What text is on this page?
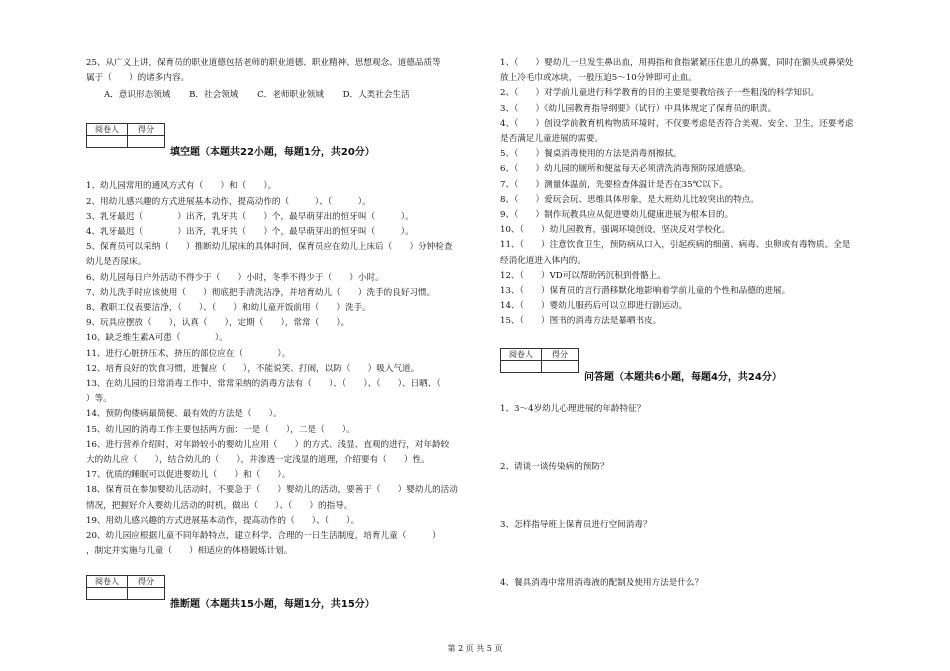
25、从广义上讲，保育员的职业道德包括老师的职业道德、职业精神、思想观念、道德品质等
属于（　　）的诸多内容。
A．意识形态领域 B．社会领域 C．老师职业领域 D．人类社会生活
阅卷人	得分

填空题（本题共22小题，每题1分，共20分）
1、幼儿园常用的通风方式有（　　）和（　　）。
2、用幼儿感兴趣的方式进展基本动作，提高动作的（　　　）、（　　　）。
3、乳牙最迟（　　　　）出齐，乳牙共（　　）个，最早萌芽出的恒牙叫（　　　）。
4、乳牙最迟（　　　　）出齐，乳牙共（　　）个，最早萌芽出的恒牙叫（　　　）。
5、保育员可以采纳（　　）推断幼儿尿床的具体时间，保育员应在幼儿上床后（　　）分钟检查
幼儿是否尿床。
6、幼儿园每日户外活动不得少于（　　）小时，冬季不得少于（　　）小时。
7、幼儿洗手时应该使用（　　）彻底把手清洗洁净，并培育幼儿（　　）洗手的良好习惯。
8、教职工仪表要洁净，（　　）、（　　）和幼儿童开饭前用（　　）洗手。
9、玩具应摆放（　　），认真（　　），定期（　　），常常（　　）。
10、缺乏维生素A可患（　　　　）。
11、进行心脏挤压术，挤压的部位应在（　　　　）。
12、培育良好的饮食习惯，进餐应（　　），不能说笑、打闹，以防（　　）吸入气道。
13、在幼儿园的日常消毒工作中，常常采纳的消毒方法有（　　）、（　　）、（　　）、日晒、（
）等。
14、预防佝偻病最简便、最有效的方法是（　　）。
15、幼儿园的消毒工作主要包括两方面：一是（　　），二是（　　）。
16、进行营养介绍时，对年龄较小的婴幼儿应用（　　）的方式、浅显、直观的进行，对年龄较
大的幼儿应（　　），结合幼儿的（　　），并渗透一定浅显的道理，介绍要有（　　）性。
17、优质的睡眠可以促进婴幼儿（　　）和（　　）。
18、保育员在参加婴幼儿活动时，不要急于（　　）婴幼儿的活动，要善于（　　）婴幼儿的活动
情况，把握好介入婴幼儿活动的时机，做出（　　）、（　　）的指导。
19、用幼儿感兴趣的方式进展基本动作，提高动作的（　　）、（　　）。
20、幼儿园应根据儿童不同年龄特点，建立科学、合理的一日生活制度，培育儿童（　　　）
，制定并实施与儿童（　　）相适应的体格锻炼计划。
阅卷人	得分

推断题（本题共15小题，每题1分，共15分）
1、（　　）婴幼儿一旦发生鼻出血，用拇指和食指紧紧压住患儿的鼻翼，同时在额头或鼻梁处
放上冷毛巾或冰块，一般压迫5～10分钟即可止血。
2、（　　）对学前儿童进行科学教育的目的主要是要教给孩子一些粗浅的科学知识。
3、（　　）《幼儿园教育指导纲要》（试行）中具体规定了保育员的职责。
4、（　　）创设学前教育机构物质环境时，不仅要考虑是否符合美观、安全、卫生，还要考虑
是否满足儿童进展的需要。
5、（　　）餐桌消毒使用的方法是消毒剂擦拭。
6、（　　）幼儿园的厕所和便盆每天必须清洗消毒预防尿道感染。
7、（　　）测量体温前，先要检查体温计是否在35℃以下。
8、（　　）爱玩会玩、思维具体形象，是大班幼儿比较突出的特点。
9、（　　）制作玩教具应从促进婴幼儿健康进展为根本目的。
10、（　　）幼儿园教育，强调环境创设，坚决反对学校化。
11、（　　）注意饮食卫生，预防病从口入，引起疾病的细菌、病毒、虫卵或有毒物质。全是
经消化道进入体内的。
12、（　　）VD可以帮助钙沉积到骨骼上。
13、（　　）保育员的言行潜移默化地影响着学前儿童的个性和品德的进展。
14、（　　）婴幼儿服药后可以立即进行剧运动。
15、（　　）图书的消毒方法是暴晒书皮。
阅卷人	得分

问答题（本题共6小题，每题4分，共24分）
1、3～4岁幼儿心理进展的年龄特征？
2、请谈一谈传染病的预防？
3、怎样指导班上保育员进行空间消毒？
4、餐具消毒中常用消毒液的配制及使用方法是什么？
第 2 页 共 5 页
